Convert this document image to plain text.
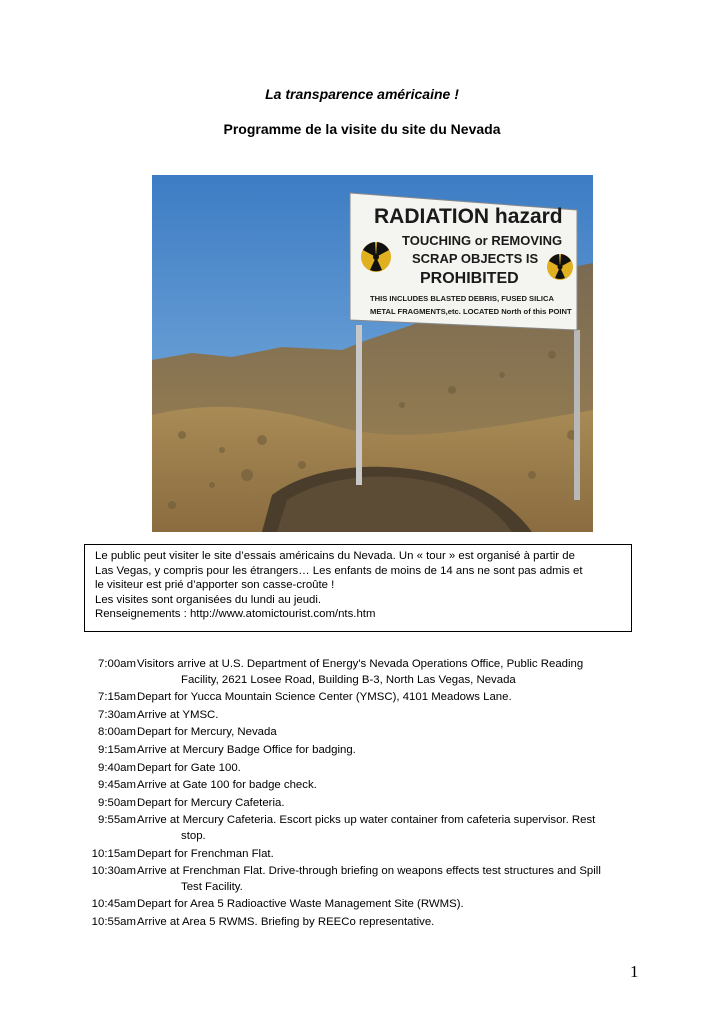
La transparence américaine !
Programme de la visite du site du Nevada
RADIATION hazard
TOUCHING or REMOVING
SCRAP OBJECTS IS
PROHIBITED
THIS INCLUDES BLASTED DEBRIS, FUSED SILICA
METAL FRAGMENTS,etc. LOCATED North of this POINT

Le public peut visiter le site d’essais américains du Nevada. Un « tour » est organisé à partir de

Las Vegas, y compris pour les étrangers… Les enfants de moins de 14 ans ne sont pas admis et

le visiteur est prié d’apporter son casse-croûte !

Les visites sont organisées du lundi au jeudi.

Renseignements : http://www.atomictourist.com/nts.htm

7:00am Visitors arrive at U.S. Department of Energy's Nevada Operations Office, Public Reading
Facility, 2621 Losee Road, Building B-3, North Las Vegas, Nevada
7:15am Depart for Yucca Mountain Science Center (YMSC), 4101 Meadows Lane.
7:30am Arrive at YMSC.
8:00am Depart for Mercury, Nevada
9:15am Arrive at Mercury Badge Office for badging.
9:40am Depart for Gate 100.
9:45am Arrive at Gate 100 for badge check.
9:50am Depart for Mercury Cafeteria.
9:55am Arrive at Mercury Cafeteria. Escort picks up water container from cafeteria supervisor. Rest
stop.
10:15am Depart for Frenchman Flat.
10:30am Arrive at Frenchman Flat. Drive-through briefing on weapons effects test structures and Spill
Test Facility.
10:45am Depart for Area 5 Radioactive Waste Management Site (RWMS).
10:55am Arrive at Area 5 RWMS. Briefing by REECo representative.
1
